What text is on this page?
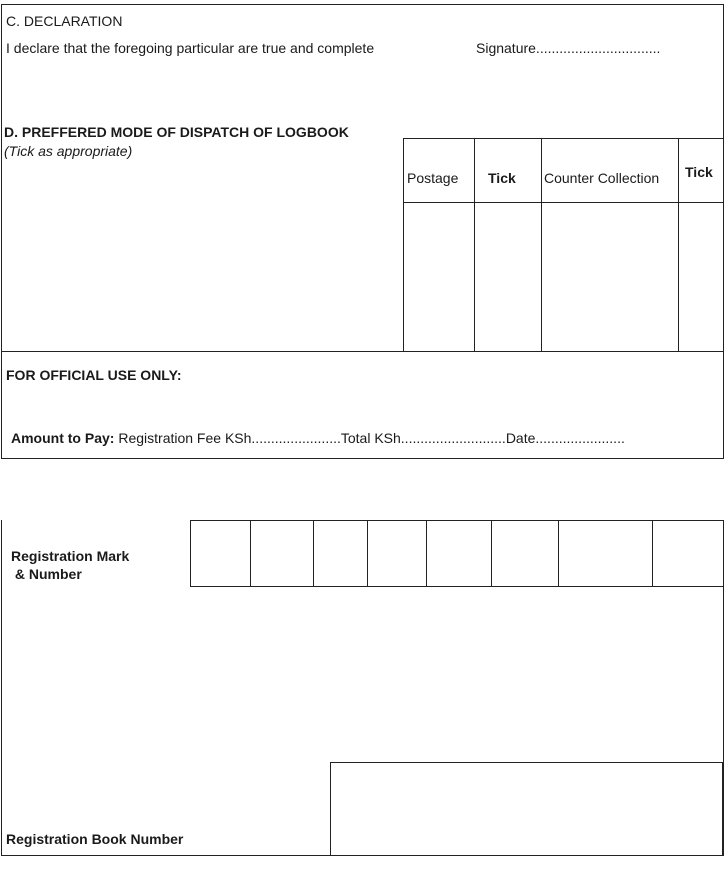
C. DECLARATION
I declare that the foregoing particular are true and complete	Signature................................
D. PREFFERED MODE OF DISPATCH OF LOGBOOK
(Tick as appropriate)
Postage Tick Counter Collection Tick
FOR OFFICIAL USE ONLY:
Amount to Pay: Registration Fee KSh.......................Total KSh...........................Date.......................
Registration Mark
& Number
Registration Book Number
